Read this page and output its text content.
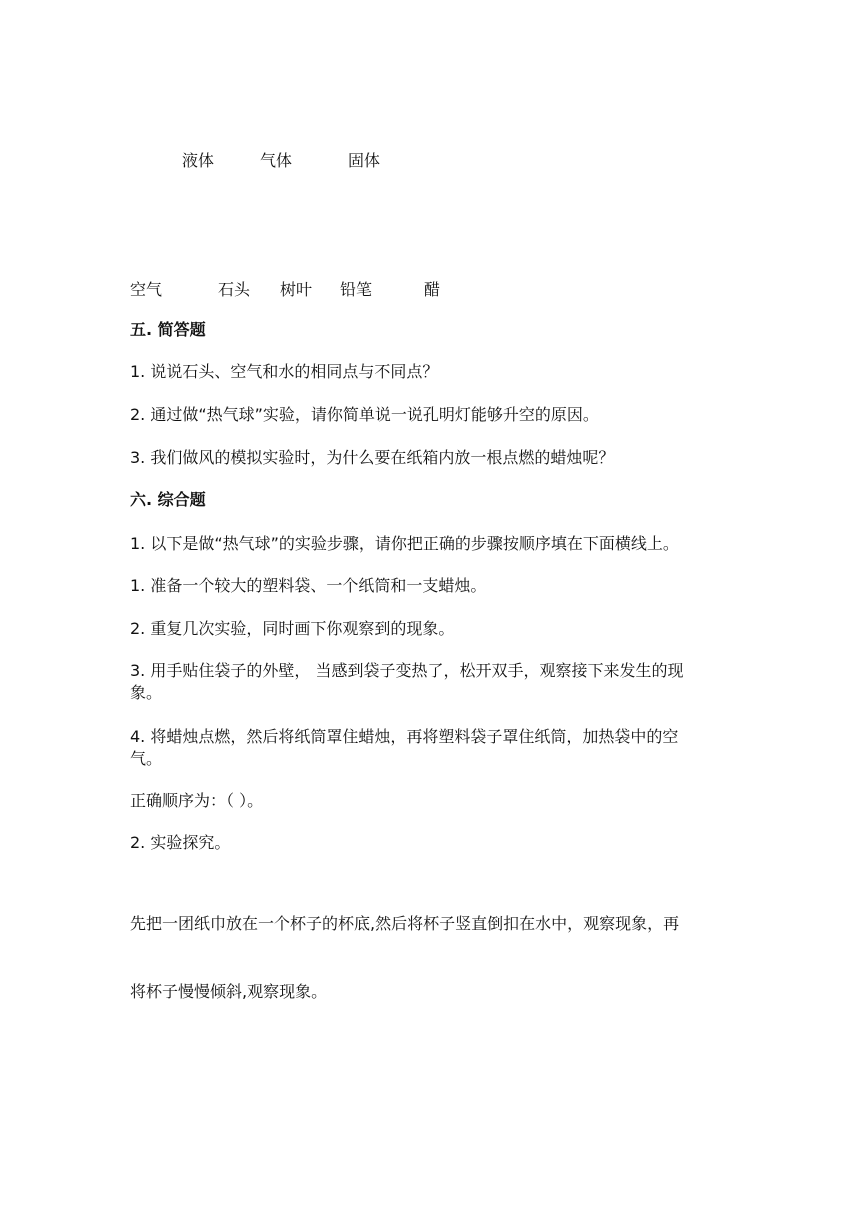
液体	气体	固体
空气	石头 树叶 铅笔	醋
五. 简答题
1. 说说石头、空气和水的相同点与不同点？
2. 通过做“热气球”实验，请你简单说一说孔明灯能够升空的原因。
3. 我们做风的模拟实验时，为什么要在纸箱内放一根点燃的蜡烛呢？
六. 综合题
1. 以下是做“热气球”的实验步骤，请你把正确的步骤按顺序填在下面横线上。
1. 准备一个较大的塑料袋、一个纸筒和一支蜡烛。
2. 重复几次实验，同时画下你观察到的现象。
3. 用手贴住袋子的外壁， 当感到袋子变热了，松开双手，观察接下来发生的现
象。
4. 将蜡烛点燃，然后将纸筒罩住蜡烛，再将塑料袋子罩住纸筒，加热袋中的空
气。
正确顺序为：（ ）。
2. 实验探究。
先把一团纸巾放在一个杯子的杯底,然后将杯子竖直倒扣在水中，观察现象，再
将杯子慢慢倾斜,观察现象。
